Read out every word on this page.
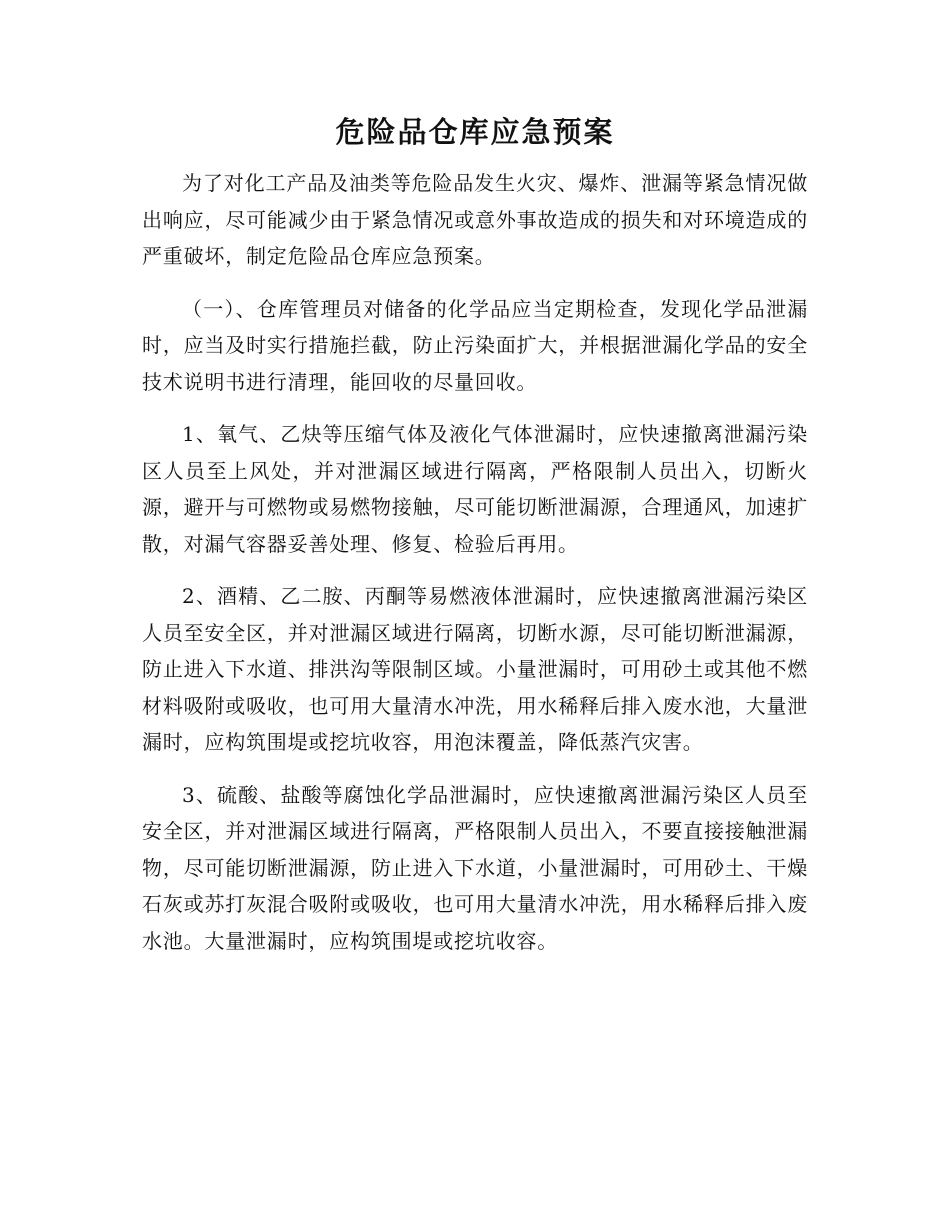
危险品仓库应急预案

为了对化工产品及油类等危险品发生火灾、爆炸、泄漏等紧急情况做出响应，尽可能减少由于紧急情况或意外事故造成的损失和对环境造成的严重破坏，制定危险品仓库应急预案。

（一）、仓库管理员对储备的化学品应当定期检查，发现化学品泄漏时，应当及时实行措施拦截，防止污染面扩大，并根据泄漏化学品的安全技术说明书进行清理，能回收的尽量回收。

1、氧气、乙炔等压缩气体及液化气体泄漏时，应快速撤离泄漏污染区人员至上风处，并对泄漏区域进行隔离，严格限制人员出入，切断火源，避开与可燃物或易燃物接触，尽可能切断泄漏源，合理通风，加速扩散，对漏气容器妥善处理、修复、检验后再用。

2、酒精、乙二胺、丙酮等易燃液体泄漏时，应快速撤离泄漏污染区人员至安全区，并对泄漏区域进行隔离，切断水源，尽可能切断泄漏源，防止进入下水道、排洪沟等限制区域。小量泄漏时，可用砂土或其他不燃材料吸附或吸收，也可用大量清水冲洗，用水稀释后排入废水池，大量泄漏时，应构筑围堤或挖坑收容，用泡沫覆盖，降低蒸汽灾害。

3、硫酸、盐酸等腐蚀化学品泄漏时，应快速撤离泄漏污染区人员至安全区，并对泄漏区域进行隔离，严格限制人员出入，不要直接接触泄漏物，尽可能切断泄漏源，防止进入下水道，小量泄漏时，可用砂土、干燥石灰或苏打灰混合吸附或吸收，也可用大量清水冲洗，用水稀释后排入废水池。大量泄漏时，应构筑围堤或挖坑收容。
